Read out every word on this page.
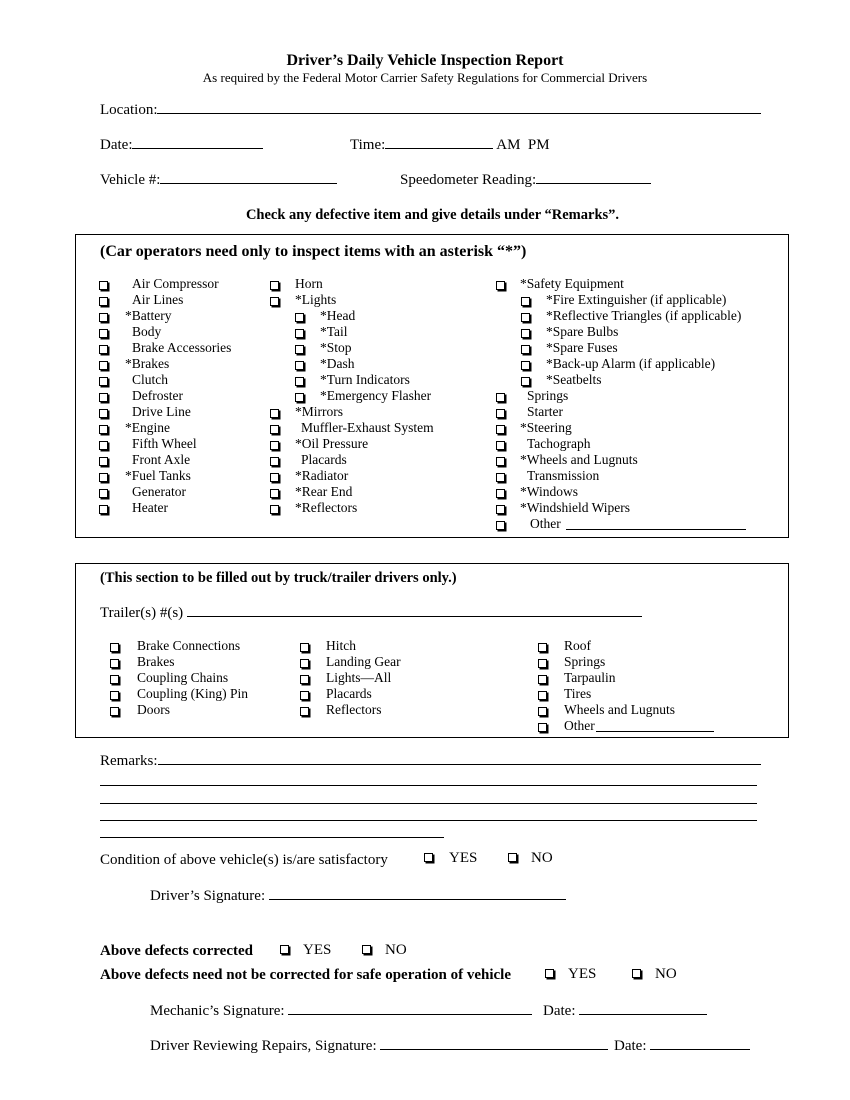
Driver’s Daily Vehicle Inspection Report
As required by the Federal Motor Carrier Safety Regulations for Commercial Drivers
Location:
Date:	Time:	AM  PM
Vehicle #:	Speedometer Reading:
Check any defective item and give details under “Remarks”.
(Car operators need only to inspect items with an asterisk “*”)
Air Compressor
Air Lines
*Battery
Body
Brake Accessories
*Brakes
Clutch
Defroster
Drive Line
*Engine
Fifth Wheel
Front Axle
*Fuel Tanks
Generator
Heater
Horn
*Lights
*Head
*Tail
*Stop
*Dash
*Turn Indicators
*Emergency Flasher
*Mirrors
Muffler-Exhaust System
*Oil Pressure
Placards
*Radiator
*Rear End
*Reflectors
*Safety Equipment
*Fire Extinguisher (if applicable)
*Reflective Triangles (if applicable)
*Spare Bulbs
*Spare Fuses
*Back-up Alarm (if applicable)
*Seatbelts
Springs
Starter
*Steering
Tachograph
*Wheels and Lugnuts
Transmission
*Windows
*Windshield Wipers
Other
(This section to be filled out by truck/trailer drivers only.)
Trailer(s) #(s)
Brake Connections
Brakes
Coupling Chains
Coupling (King) Pin
Doors
Hitch
Landing Gear
Lights—All
Placards
Reflectors
Roof
Springs
Tarpaulin
Tires
Wheels and Lugnuts
Other
Remarks:
Condition of above vehicle(s) is/are satisfactory	YES	NO
Driver’s Signature:
Above defects corrected	YES	NO
Above defects need not be corrected for safe operation of vehicle	YES	NO
Mechanic’s Signature:	Date:
Driver Reviewing Repairs, Signature:	Date:
